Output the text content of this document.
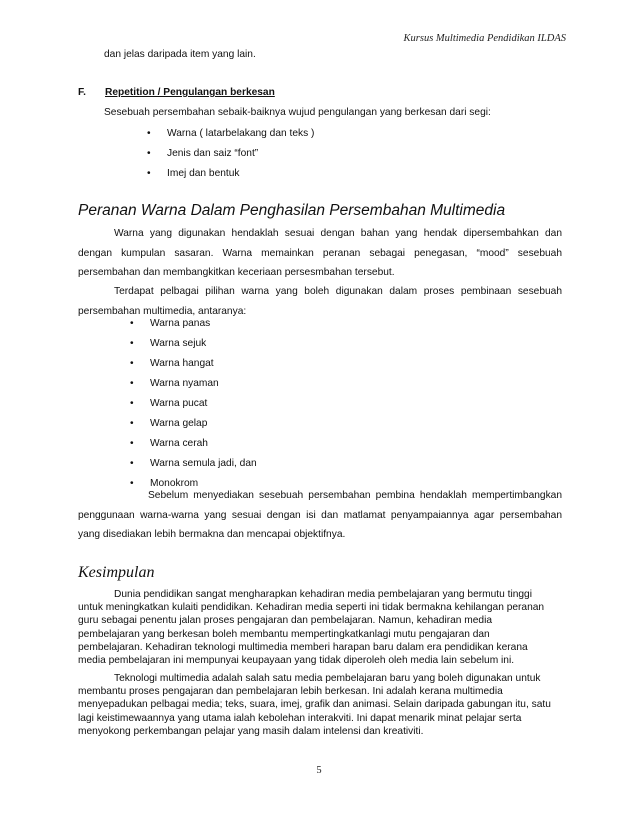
Kursus Multimedia Pendidikan ILDAS
dan jelas daripada item yang lain.
F. Repetition / Pengulangan berkesan
Sesebuah persembahan sebaik-baiknya wujud pengulangan yang berkesan dari segi:
• Warna ( latarbelakang dan teks )
• Jenis dan saiz “font”
• Imej dan bentuk
Peranan Warna Dalam Penghasilan Persembahan Multimedia

Warna yang digunakan hendaklah sesuai dengan bahan yang hendak dipersembahkan dan

dengan kumpulan sasaran. Warna memainkan peranan sebagai penegasan, “mood” sesebuah

persembahan dan membangkitkan keceriaan persesmbahan tersebut.

Terdapat pelbagai pilihan warna yang boleh digunakan dalam proses pembinaan sesebuah

persembahan multimedia, antaranya:

• Warna panas
• Warna sejuk
• Warna hangat
• Warna nyaman
• Warna pucat
• Warna gelap
• Warna cerah
• Warna semula jadi, dan
• Monokrom

Sebelum menyediakan sesebuah persembahan pembina hendaklah mempertimbangkan

penggunaan warna-warna yang sesuai dengan isi dan matlamat penyampaiannya agar persembahan

yang disediakan lebih bermakna dan mencapai objektifnya.

Kesimpulan

Dunia pendidikan sangat mengharapkan kehadiran media pembelajaran yang bermutu tinggi

untuk meningkatkan kulaiti pendidikan. Kehadiran media seperti ini tidak bermakna kehilangan peranan

guru sebagai penentu jalan proses pengajaran dan pembelajaran. Namun, kehadiran media

pembelajaran yang berkesan boleh membantu mempertingkatkanlagi mutu pengajaran dan

pembelajaran. Kehadiran teknologi multimedia memberi harapan baru dalam era pendidikan kerana

media pembelajaran ini mempunyai keupayaan yang tidak diperoleh oleh media lain sebelum ini.

Teknologi multimedia adalah salah satu media pembelajaran baru yang boleh digunakan untuk

membantu proses pengajaran dan pembelajaran lebih berkesan. Ini adalah kerana multimedia

menyepadukan pelbagai media; teks, suara, imej, grafik dan animasi. Selain daripada gabungan itu, satu

lagi keistimewaannya yang utama ialah kebolehan interakviti. Ini dapat menarik minat pelajar serta

menyokong perkembangan pelajar yang masih dalam intelensi dan kreativiti.

5
